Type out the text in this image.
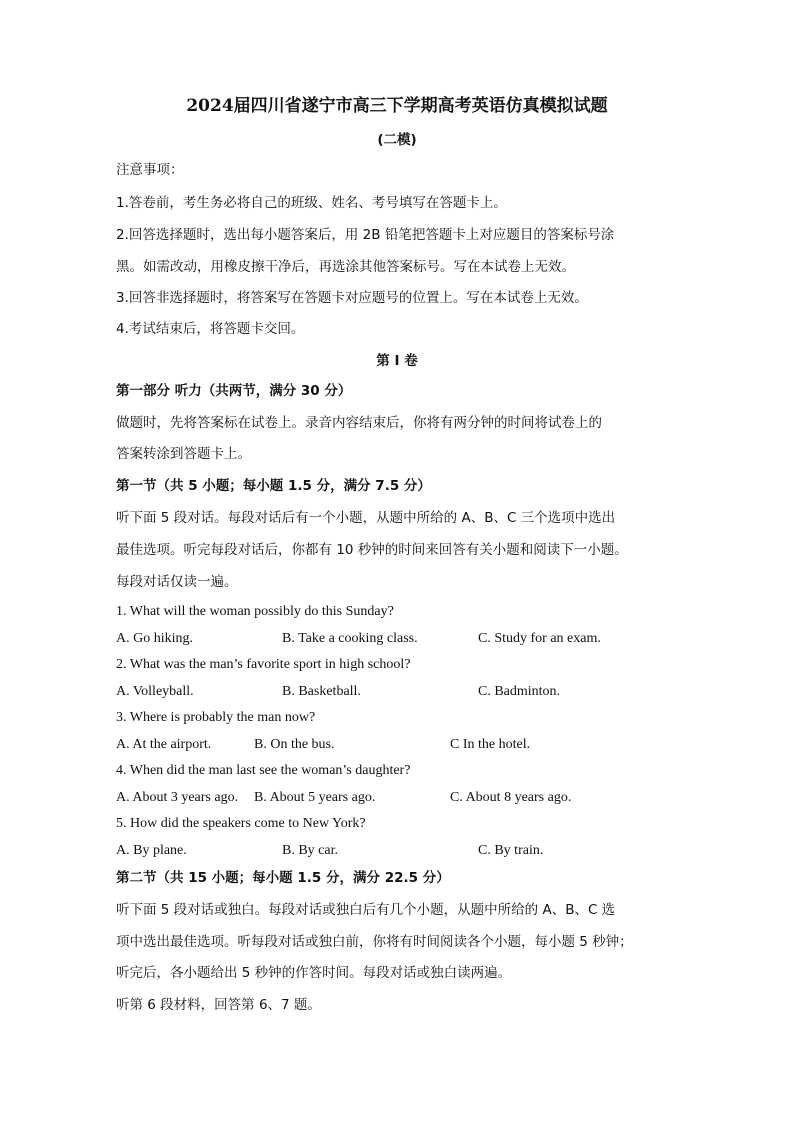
2024届四川省遂宁市高三下学期高考英语仿真模拟试题
(二模)
注意事项：
1.答卷前，考生务必将自己的班级、姓名、考号填写在答题卡上。
2.回答选择题时，选出每小题答案后，用 2B 铅笔把答题卡上对应题目的答案标号涂
黑。如需改动，用橡皮擦干净后，再选涂其他答案标号。写在本试卷上无效。
3.回答非选择题时，将答案写在答题卡对应题号的位置上。写在本试卷上无效。
4.考试结束后，将答题卡交回。
第 I 卷
第一部分 听力（共两节，满分 30 分）
做题时，先将答案标在试卷上。录音内容结束后，你将有两分钟的时间将试卷上的
答案转涂到答题卡上。
第一节（共 5 小题；每小题 1.5 分，满分 7.5 分）
听下面 5 段对话。每段对话后有一个小题，从题中所给的 A、B、C 三个选项中选出
最佳选项。听完每段对话后，你都有 10 秒钟的时间来回答有关小题和阅读下一小题。
每段对话仅读一遍。
1. What will the woman possibly do this Sunday?
A. Go hiking.	B. Take a cooking class.	C. Study for an exam.
2. What was the man’s favorite sport in high school?
A. Volleyball.	B. Basketball.	C. Badminton.
3. Where is probably the man now?
A. At the airport.	B. On the bus.	C In the hotel.
4. When did the man last see the woman’s daughter?
A. About 3 years ago. B. About 5 years ago.	C. About 8 years ago.
5. How did the speakers come to New York?
A. By plane.	B. By car.	C. By train.
第二节（共 15 小题；每小题 1.5 分，满分 22.5 分）
听下面 5 段对话或独白。每段对话或独白后有几个小题，从题中所给的 A、B、C 选
项中选出最佳选项。听每段对话或独白前，你将有时间阅读各个小题，每小题 5 秒钟；
听完后，各小题给出 5 秒钟的作答时间。每段对话或独白读两遍。
听第 6 段材料，回答第 6、7 题。
